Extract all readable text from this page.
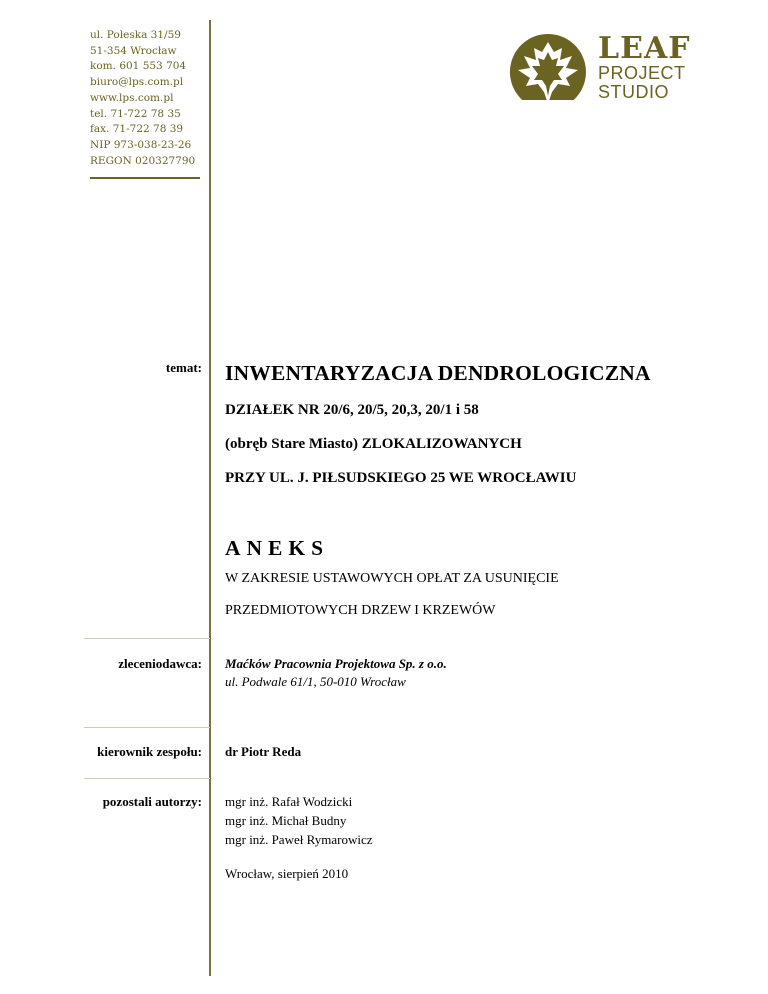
ul. Poleska 31/59
51-354 Wrocław
kom. 601 553 704
biuro@lps.com.pl
www.lps.com.pl
tel. 71-722 78 35
fax. 71-722 78 39
NIP 973-038-23-26
REGON 020327790
LEAF
PROJECT
STUDIO
temat: INWENTARYZACJA DENDROLOGICZNA
DZIAŁEK NR 20/6, 20/5, 20,3, 20/1 i 58
(obręb Stare Miasto) ZLOKALIZOWANYCH
PRZY UL. J. PIŁSUDSKIEGO 25 WE WROCŁAWIU
ANEKS
W ZAKRESIE USTAWOWYCH OPŁAT ZA USUNIĘCIE
PRZEDMIOTOWYCH DRZEW I KRZEWÓW
zleceniodawca: Maćków Pracownia Projektowa Sp. z o.o.
ul. Podwale 61/1, 50-010 Wrocław
kierownik zespołu: dr Piotr Reda
pozostali autorzy: mgr inż. Rafał Wodzicki
mgr inż. Michał Budny
mgr inż. Paweł Rymarowicz
Wrocław, sierpień 2010
